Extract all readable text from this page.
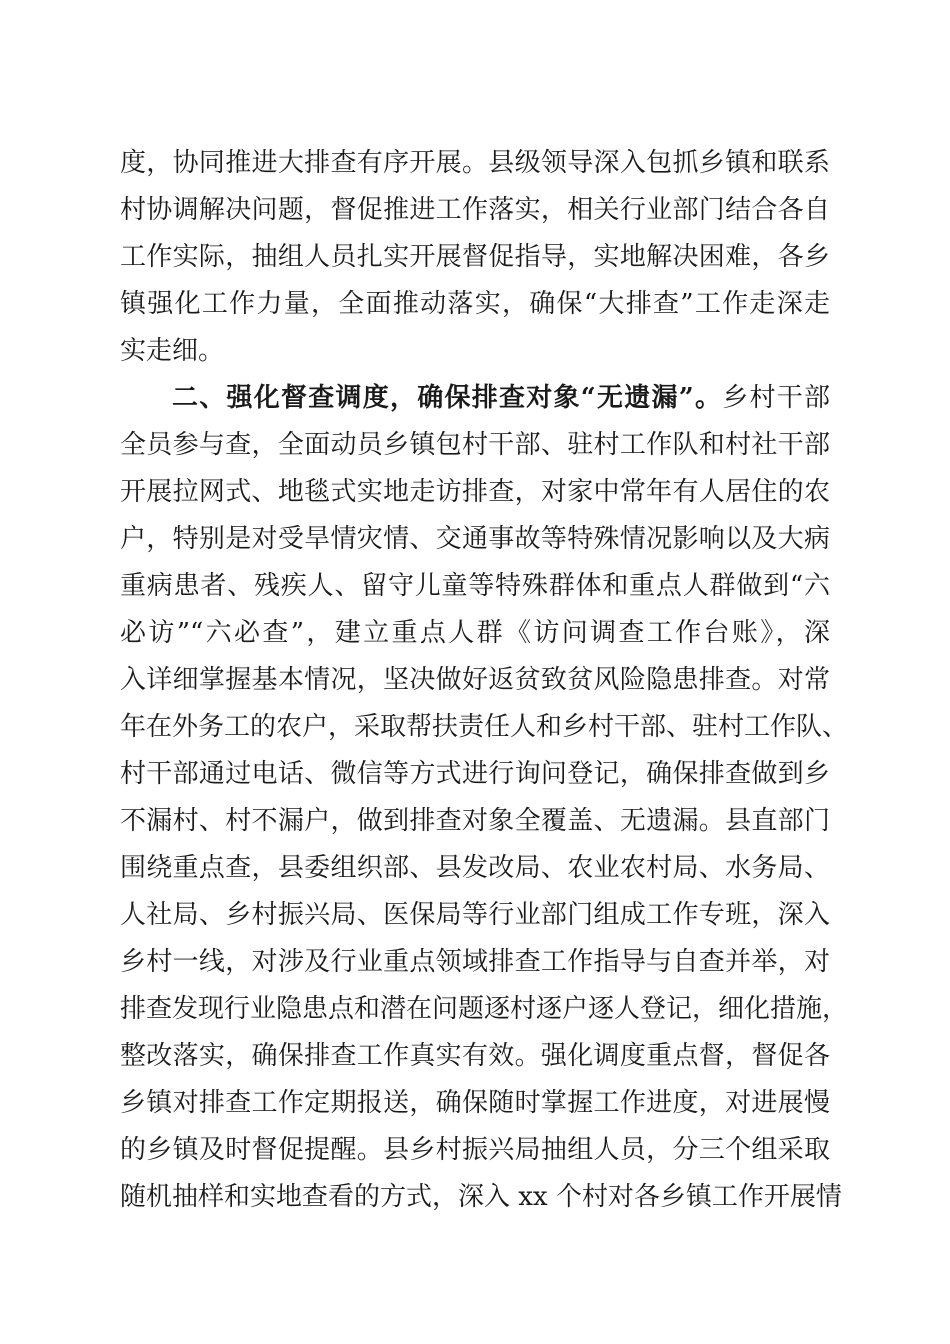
度，协同推进大排查有序开展。县级领导深入包抓乡镇和联系
村协调解决问题，督促推进工作落实，相关行业部门结合各自
工作实际，抽组人员扎实开展督促指导，实地解决困难，各乡
镇强化工作力量，全面推动落实，确保“大排查”工作走深走
实走细。
二、强化督查调度，确保排查对象“无遗漏”。乡村干部
全员参与查，全面动员乡镇包村干部、驻村工作队和村社干部
开展拉网式、地毯式实地走访排查，对家中常年有人居住的农
户，特别是对受旱情灾情、交通事故等特殊情况影响以及大病
重病患者、残疾人、留守儿童等特殊群体和重点人群做到“六
必访”“六必查”，建立重点人群《访问调查工作台账》，深
入详细掌握基本情况，坚决做好返贫致贫风险隐患排查。对常
年在外务工的农户，采取帮扶责任人和乡村干部、驻村工作队、
村干部通过电话、微信等方式进行询问登记，确保排查做到乡
不漏村、村不漏户，做到排查对象全覆盖、无遗漏。县直部门
围绕重点查，县委组织部、县发改局、农业农村局、水务局、
人社局、乡村振兴局、医保局等行业部门组成工作专班，深入
乡村一线，对涉及行业重点领域排查工作指导与自查并举，对
排查发现行业隐患点和潜在问题逐村逐户逐人登记，细化措施，
整改落实，确保排查工作真实有效。强化调度重点督，督促各
乡镇对排查工作定期报送，确保随时掌握工作进度，对进展慢
的乡镇及时督促提醒。县乡村振兴局抽组人员，分三个组采取
随机抽样和实地查看的方式，深入 xx 个村对各乡镇工作开展情
